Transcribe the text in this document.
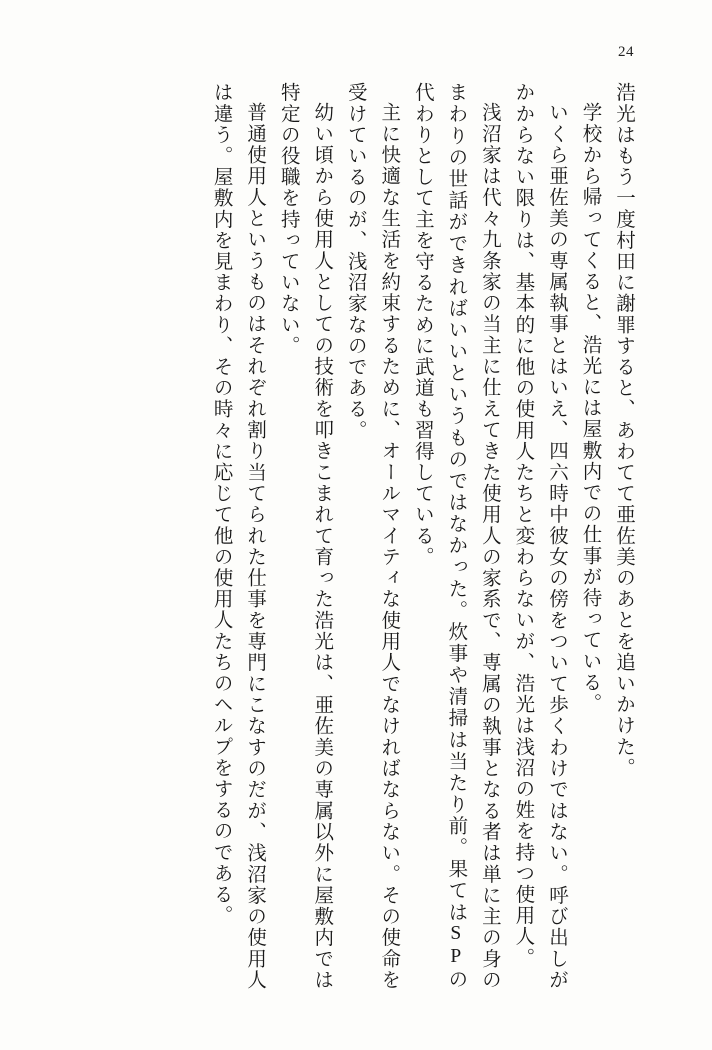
24

浩光はもう一度村田に謝罪すると、あわてて亜佐美のあとを追いかけた。

学校から帰ってくると、浩光には屋敷内での仕事が待っている。

いくら亜佐美の専属執事とはいえ、四六時中彼女の傍をついて歩くわけではない。呼び出しがかからない限りは、基本的に他の使用人たちと変わらないが、浩光は浅沼の姓を持つ使用人。

浅沼家は代々九条家の当主に仕えてきた使用人の家系で、専属の執事となる者は単に主の身のまわりの世話ができればいいというものではなかった。炊事や清掃は当たり前。果てはSPの代わりとして主を守るために武道も習得している。

主に快適な生活を約束するために、オールマイティな使用人でなければならない。その使命を受けているのが、浅沼家なのである。

幼い頃から使用人としての技術を叩きこまれて育った浩光は、亜佐美の専属以外に屋敷内では特定の役職を持っていない。

普通使用人というものはそれぞれ割り当てられた仕事を専門にこなすのだが、浅沼家の使用人は違う。屋敷内を見まわり、その時々に応じて他の使用人たちのヘルプをするのである。
